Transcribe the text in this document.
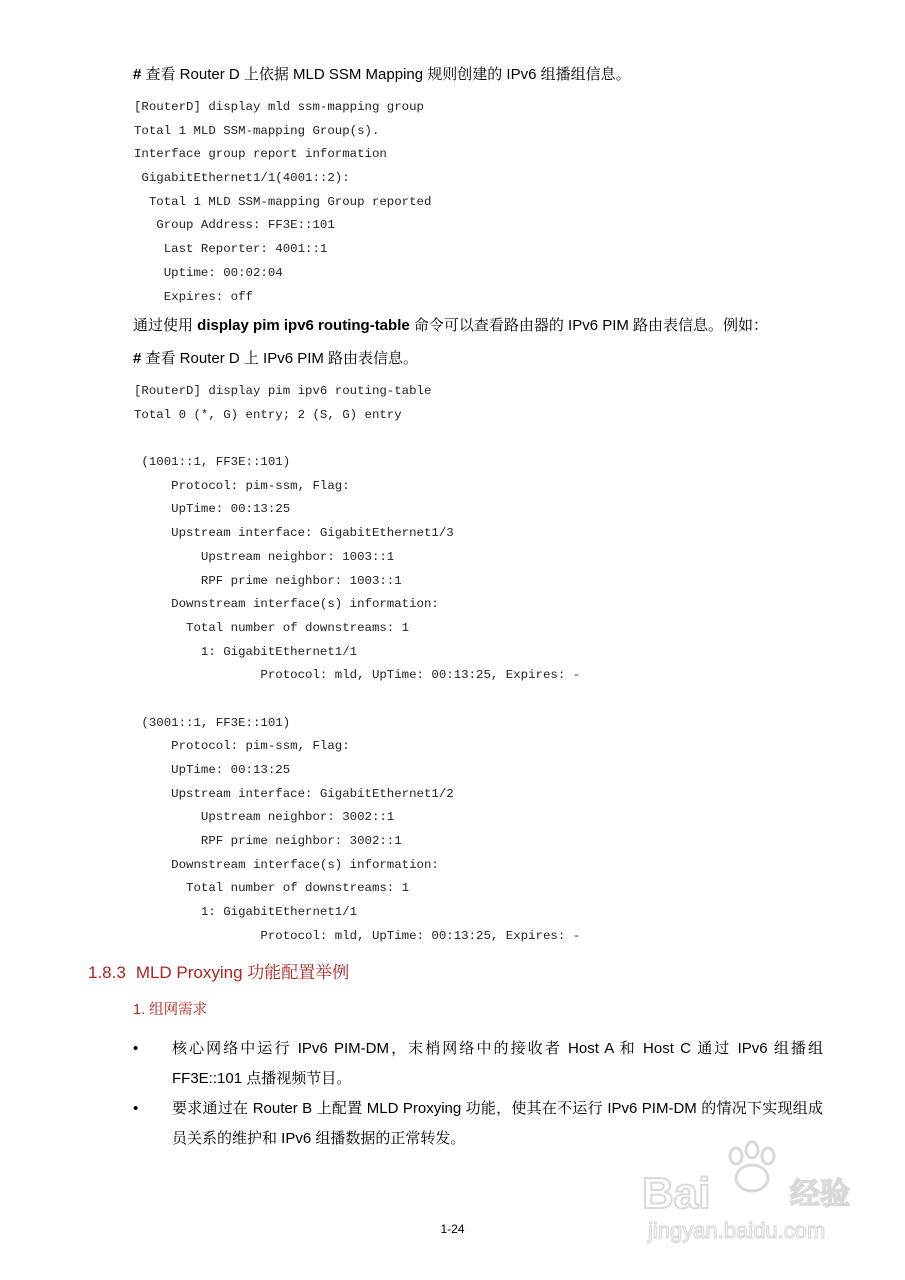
# 查看 Router D 上依据 MLD SSM Mapping 规则创建的 IPv6 组播组信息。
[RouterD] display mld ssm-mapping group
Total 1 MLD SSM-mapping Group(s).
Interface group report information
GigabitEthernet1/1(4001::2):
Total 1 MLD SSM-mapping Group reported
Group Address: FF3E::101
Last Reporter: 4001::1
Uptime: 00:02:04
Expires: off
通过使用 display pim ipv6 routing-table 命令可以查看路由器的 IPv6 PIM 路由表信息。例如：
# 查看 Router D 上 IPv6 PIM 路由表信息。
[RouterD] display pim ipv6 routing-table
Total 0 (*, G) entry; 2 (S, G) entry
(1001::1, FF3E::101)
Protocol: pim-ssm, Flag:
UpTime: 00:13:25
Upstream interface: GigabitEthernet1/3
Upstream neighbor: 1003::1
RPF prime neighbor: 1003::1
Downstream interface(s) information:
Total number of downstreams: 1
1: GigabitEthernet1/1
Protocol: mld, UpTime: 00:13:25, Expires: -
(3001::1, FF3E::101)
Protocol: pim-ssm, Flag:
UpTime: 00:13:25
Upstream interface: GigabitEthernet1/2
Upstream neighbor: 3002::1
RPF prime neighbor: 3002::1
Downstream interface(s) information:
Total number of downstreams: 1
1: GigabitEthernet1/1
Protocol: mld, UpTime: 00:13:25, Expires: -
1.8.3 MLD Proxying 功能配置举例
1. 组网需求
•	核心网络中运行 IPv6 PIM-DM，末梢网络中的接收者 Host A 和 Host C 通过 IPv6 组播组 FF3E::101 点播视频节目。
•	要求通过在 Router B 上配置 MLD Proxying 功能，使其在不运行 IPv6 PIM-DM 的情况下实现组成员关系的维护和 IPv6 组播数据的正常转发。
1-24
Bai	经验
jingyan.baidu.com
